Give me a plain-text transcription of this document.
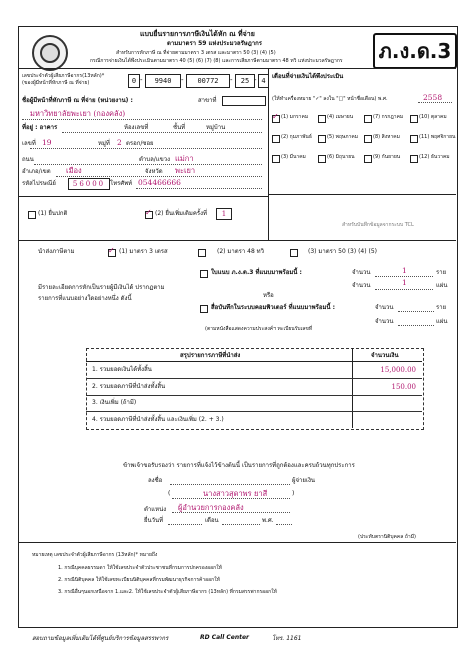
แบบยื่นรายการภาษีเงินได้หัก ณ ที่จ่าย
ตามมาตรา 59 แห่งประมวลรัษฎากร
สำหรับการหักภาษี ณ ที่จ่ายตามมาตรา 3 เตรส และมาตรา 50 (3) (4) (5)
กรณีการจ่ายเงินได้พึงประเมินตามมาตรา 40 (5) (6) (7) (8) และการเสียภาษีตามมาตรา 48 ทวิ แห่งประมวลรัษฎากร ภ.ง.ด.3
เลขประจำตัวผู้เสียภาษีอากร(13หลัก)*
(ของผู้มีหน้าที่หักภาษี ณ ที่จ่าย)	0 -	9940	-	00772	-	25 - 4
ชื่อผู้มีหน้าที่หักภาษี ณ ที่จ่าย (หน่วยงาน) :	สาขาที่
มหาวิทยาลัยพะเยา (กองคลัง)
ที่อยู่ : อาคาร	ห้องเลขที่	ชั้นที่	หมู่บ้าน
เลขที่ 19	หมู่ที่ 2 ตรอก/ซอย
ถนน	ตำบล/แขวง แม่กา
อำเภอ/เขต เมือง	จังหวัด พะเยา
รหัสไปรษณีย์	56000 โทรศัพท์ 054466666
(1) ยื่นปกติ	✓ (2) ยื่นเพิ่มเติมครั้งที่	1
เดือนที่จ่ายเงินได้พึงประเมิน
(ให้ทำเครื่องหมาย "✓" ลงใน "□" หน้าชื่อเดือน) พ.ศ.	2558
✓ (1) มกราคม	(4) เมษายน	(7) กรกฎาคม	(10) ตุลาคม
(2) กุมภาพันธ์	(5) พฤษภาคม	(8) สิงหาคม	(11) พฤศจิกายน
(3) มีนาคม	(6) มิถุนายน	(9) กันยายน	(12) ธันวาคม
สำหรับบันทึกข้อมูลจากระบบ TCL
นำส่งภาษีตาม	✓ (1) มาตรา 3 เตรส	(2) มาตรา 48 ทวิ	(3) มาตรา 50 (3) (4) (5)
มีรายละเอียดการหักเป็นรายผู้มีเงินได้ ปรากฏตาม
รายการที่แนบอย่างใดอย่างหนึ่ง ดังนี้
ใบแนบ ภ.ง.ด.3 ที่แนบมาพร้อมนี้ :	จำนวน	1	ราย
1
จำนวน	แผ่น
หรือ
สื่อบันทึกในระบบคอมพิวเตอร์ ที่แนบมาพร้อมนี้ :	จำนวน	ราย
จำนวน	แผ่น
(ตามหนังสือแสดงความประสงค์ฯ ทะเบียนรับเลขที่
สรุปรายการภาษีที่นำส่ง	จำนวนเงิน
1. รวมยอดเงินได้ทั้งสิ้น	15,000.00
2. รวมยอดภาษีที่นำส่งทั้งสิ้น	150.00
3. เงินเพิ่ม (ถ้ามี)
4. รวมยอดภาษีที่นำส่งทั้งสิ้น และเงินเพิ่ม (2. + 3.)
ข้าพเจ้าขอรับรองว่า รายการที่แจ้งไว้ข้างต้นนี้ เป็นรายการที่ถูกต้องและครบถ้วนทุกประการ
ลงชื่อ	ผู้จ่ายเงิน
(	นางสาวสุดาพร ยาสี	)
ตำแหน่ง ผู้อำนวยการกองคลัง
ยื่นวันที่	เดือน	พ.ศ.
(ประทับตรานิติบุคคล ถ้ามี)
หมายเหตุ เลขประจำตัวผู้เสียภาษีอากร (13หลัก)* หมายถึง
1. กรณีบุคคลธรรมดา ให้ใช้เลขประจำตัวประชาชนที่กรมการปกครองออกให้
2. กรณีนิติบุคคล ให้ใช้เลขทะเบียนนิติบุคคลที่กรมพัฒนาธุรกิจการค้าออกให้
3. กรณีอื่นๆนอกเหนือจาก 1.และ2. ให้ใช้เลขประจำตัวผู้เสียภาษีอากร (13หลัก) ที่กรมสรรพากรออกให้
สอบถามข้อมูลเพิ่มเติมได้ที่ศูนย์บริการข้อมูลสรรพากร	RD Call Center	โทร. 1161
